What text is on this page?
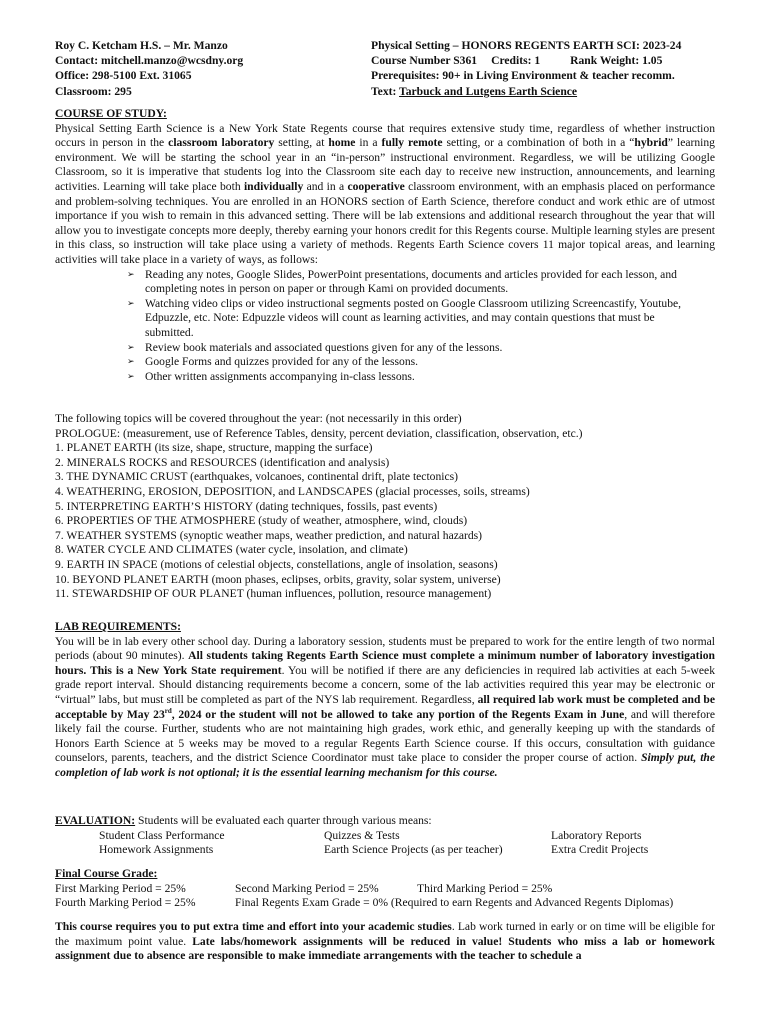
Roy C. Ketcham H.S. – Mr. Manzo
Contact: mitchell.manzo@wcsdny.org
Office: 298-5100 Ext. 31065
Classroom: 295
Physical Setting – HONORS REGENTS EARTH SCI: 2023-24
Course Number S361 Credits: 1	Rank Weight: 1.05
Prerequisites: 90+ in Living Environment & teacher recomm.
Text: Tarbuck and Lutgens Earth Science
COURSE OF STUDY:
Physical Setting Earth Science is a New York State Regents course that requires extensive study time, regardless of whether instruction occurs in person in the classroom laboratory setting, at home in a fully remote setting, or a combination of both in a “hybrid” learning environment. We will be starting the school year in an “in-person” instructional environment. Regardless, we will be utilizing Google Classroom, so it is imperative that students log into the Classroom site each day to receive new instruction, announcements, and learning activities. Learning will take place both individually and in a cooperative classroom environment, with an emphasis placed on performance and problem-solving techniques. You are enrolled in an HONORS section of Earth Science, therefore conduct and work ethic are of utmost importance if you wish to remain in this advanced setting. There will be lab extensions and additional research throughout the year that will allow you to investigate concepts more deeply, thereby earning your honors credit for this Regents course. Multiple learning styles are present in this class, so instruction will take place using a variety of methods. Regents Earth Science covers 11 major topical areas, and learning activities will take place in a variety of ways, as follows:
➢ Reading any notes, Google Slides, PowerPoint presentations, documents and articles provided for each lesson, and completing notes in person on paper or through Kami on provided documents.
➢ Watching video clips or video instructional segments posted on Google Classroom utilizing Screencastify, Youtube, Edpuzzle, etc. Note: Edpuzzle videos will count as learning activities, and may contain questions that must be submitted.
➢ Review book materials and associated questions given for any of the lessons.
➢ Google Forms and quizzes provided for any of the lessons.
➢ Other written assignments accompanying in-class lessons.
The following topics will be covered throughout the year: (not necessarily in this order)
PROLOGUE: (measurement, use of Reference Tables, density, percent deviation, classification, observation, etc.)
1. PLANET EARTH (its size, shape, structure, mapping the surface)
2. MINERALS ROCKS and RESOURCES (identification and analysis)
3. THE DYNAMIC CRUST (earthquakes, volcanoes, continental drift, plate tectonics)
4. WEATHERING, EROSION, DEPOSITION, and LANDSCAPES (glacial processes, soils, streams)
5. INTERPRETING EARTH’S HISTORY (dating techniques, fossils, past events)
6. PROPERTIES OF THE ATMOSPHERE (study of weather, atmosphere, wind, clouds)
7. WEATHER SYSTEMS (synoptic weather maps, weather prediction, and natural hazards)
8. WATER CYCLE AND CLIMATES (water cycle, insolation, and climate)
9. EARTH IN SPACE (motions of celestial objects, constellations, angle of insolation, seasons)
10. BEYOND PLANET EARTH (moon phases, eclipses, orbits, gravity, solar system, universe)
11. STEWARDSHIP OF OUR PLANET (human influences, pollution, resource management)
LAB REQUIREMENTS:
You will be in lab every other school day. During a laboratory session, students must be prepared to work for the entire length of two normal periods (about 90 minutes). All students taking Regents Earth Science must complete a minimum number of laboratory investigation hours. This is a New York State requirement. You will be notified if there are any deficiencies in required lab activities at each 5-week grade report interval. Should distancing requirements become a concern, some of the lab activities required this year may be electronic or “virtual” labs, but must still be completed as part of the NYS lab requirement. Regardless, all required lab work must be completed and be acceptable by May 23rd, 2024 or the student will not be allowed to take any portion of the Regents Exam in June, and will therefore likely fail the course. Further, students who are not maintaining high grades, work ethic, and generally keeping up with the standards of Honors Earth Science at 5 weeks may be moved to a regular Regents Earth Science course. If this occurs, consultation with guidance counselors, parents, teachers, and the district Science Coordinator must take place to consider the proper course of action. Simply put, the completion of lab work is not optional; it is the essential learning mechanism for this course.
EVALUATION: Students will be evaluated each quarter through various means:
Student Class Performance	Quizzes & Tests	Laboratory Reports
Homework Assignments	Earth Science Projects (as per teacher)	Extra Credit Projects
Final Course Grade:
First Marking Period = 25%	Second Marking Period = 25%	Third Marking Period = 25%
Fourth Marking Period = 25%	Final Regents Exam Grade = 0% (Required to earn Regents and Advanced Regents Diplomas)
This course requires you to put extra time and effort into your academic studies. Lab work turned in early or on time will be eligible for the maximum point value. Late labs/homework assignments will be reduced in value! Students who miss a lab or homework assignment due to absence are responsible to make immediate arrangements with the teacher to schedule a
